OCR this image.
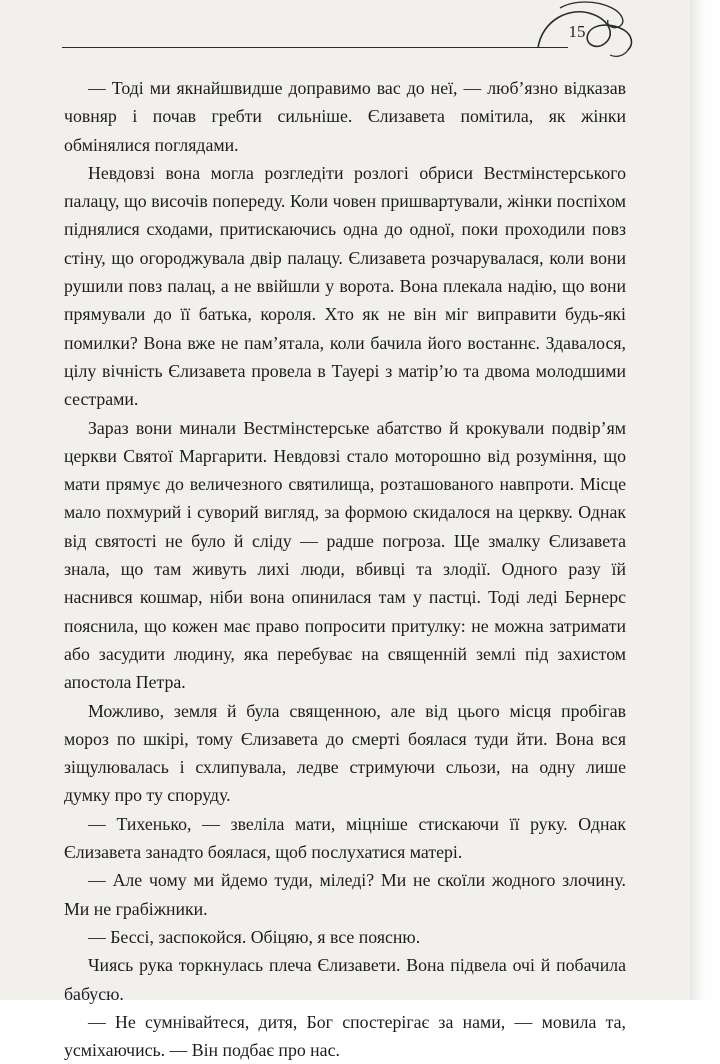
15

— Тоді ми якнайшвидше доправимо вас до неї, — люб’язно відказав човняр і почав гребти сильніше. Єлизавета помітила, як жінки обмінялися поглядами.

Невдовзі вона могла розгледіти розлогі обриси Вестмінстерського палацу, що височів попереду. Коли човен пришвартували, жінки поспіхом піднялися сходами, притискаючись одна до одної, поки проходили повз стіну, що огороджувала двір палацу. Єлизавета розчарувалася, коли вони рушили повз палац, а не ввійшли у ворота. Вона плекала надію, що вони прямували до її батька, короля. Хто як не він міг виправити будь-які помилки? Вона вже не пам’ятала, коли бачила його востаннє. Здавалося, цілу вічність Єлизавета провела в Тауері з матір’ю та двома молодшими сестрами.

Зараз вони минали Вестмінстерське абатство й крокували подвір’ям церкви Святої Маргарити. Невдовзі стало моторошно від розуміння, що мати прямує до величезного святилища, розташованого навпроти. Місце мало похмурий і суворий вигляд, за формою скидалося на церкву. Однак від святості не було й сліду — радше погроза. Ще змалку Єлизавета знала, що там живуть лихі люди, вбивці та злодії. Одного разу їй наснився кошмар, ніби вона опинилася там у пастці. Тоді леді Бернерс пояснила, що кожен має право попросити притулку: не можна затримати або засудити людину, яка перебуває на священній землі під захистом апостола Петра.

Можливо, земля й була священною, але від цього місця пробігав мороз по шкірі, тому Єлизавета до смерті боялася туди йти. Вона вся зіщулювалась і схлипувала, ледве стримуючи сльози, на одну лише думку про ту споруду.

— Тихенько, — звеліла мати, міцніше стискаючи її руку. Однак Єлизавета занадто боялася, щоб послухатися матері.

— Але чому ми йдемо туди, міледі? Ми не скоїли жодного злочину. Ми не грабіжники.

— Бессі, заспокойся. Обіцяю, я все поясню.

Чиясь рука торкнулась плеча Єлизавети. Вона підвела очі й побачила бабусю.

— Не сумнівайтеся, дитя, Бог спостерігає за нами, — мовила та, усміхаючись. — Він подбає про нас.
